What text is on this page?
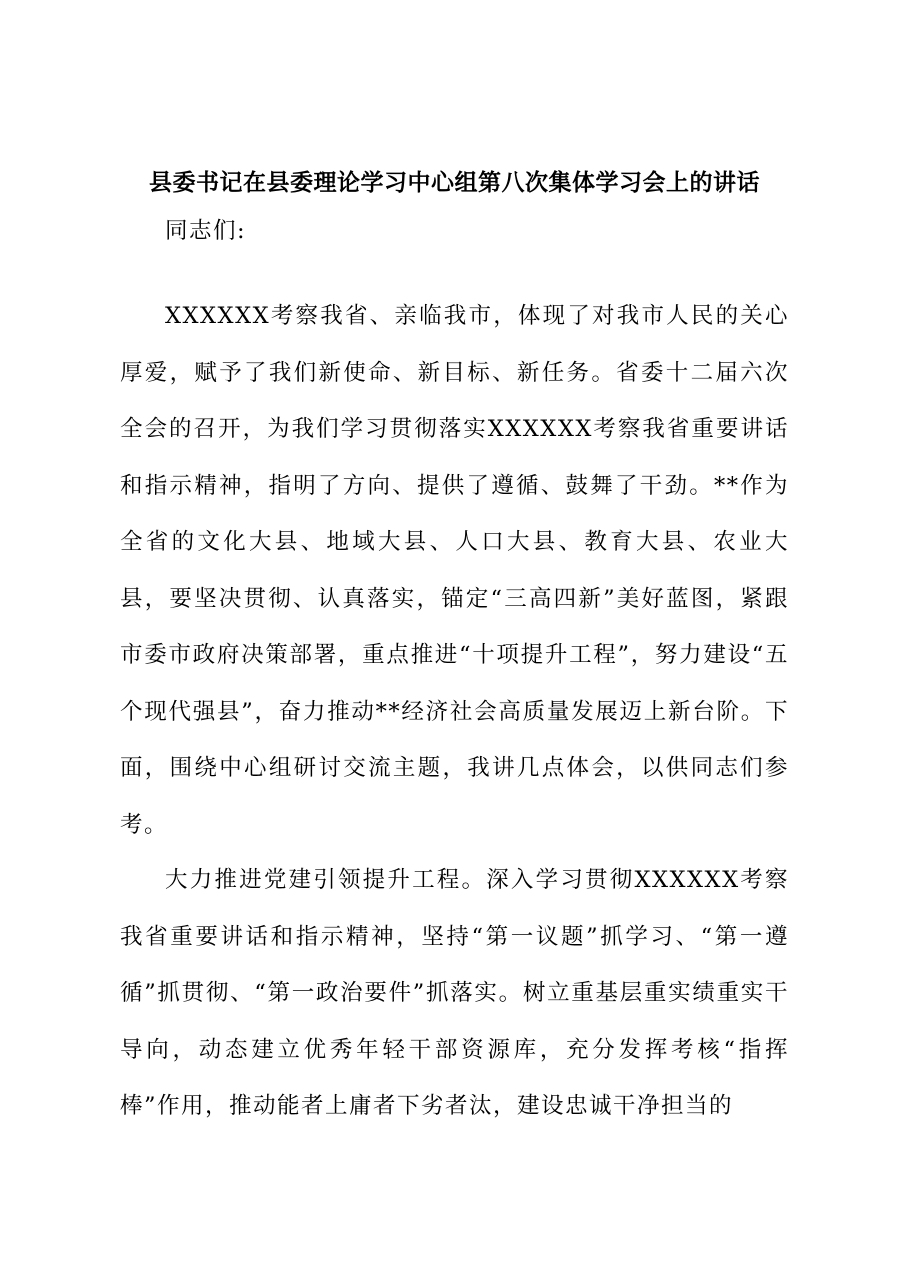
县委书记在县委理论学习中心组第八次集体学习会上的讲话

同志们:

XXXXXX考察我省、亲临我市，体现了对我市人民的关心厚爱，赋予了我们新使命、新目标、新任务。省委十二届六次全会的召开，为我们学习贯彻落实XXXXXX考察我省重要讲话和指示精神，指明了方向、提供了遵循、鼓舞了干劲。**作为全省的文化大县、地域大县、人口大县、教育大县、农业大县，要坚决贯彻、认真落实，锚定“三高四新”美好蓝图，紧跟市委市政府决策部署，重点推进“十项提升工程”，努力建设“五个现代强县”，奋力推动**经济社会高质量发展迈上新台阶。下面，围绕中心组研讨交流主题，我讲几点体会，以供同志们参考。

大力推进党建引领提升工程。深入学习贯彻XXXXXX考察我省重要讲话和指示精神，坚持“第一议题”抓学习、“第一遵循”抓贯彻、“第一政治要件”抓落实。树立重基层重实绩重实干导向，动态建立优秀年轻干部资源库，充分发挥考核“指挥棒”作用，推动能者上庸者下劣者汰，建设忠诚干净担当的
